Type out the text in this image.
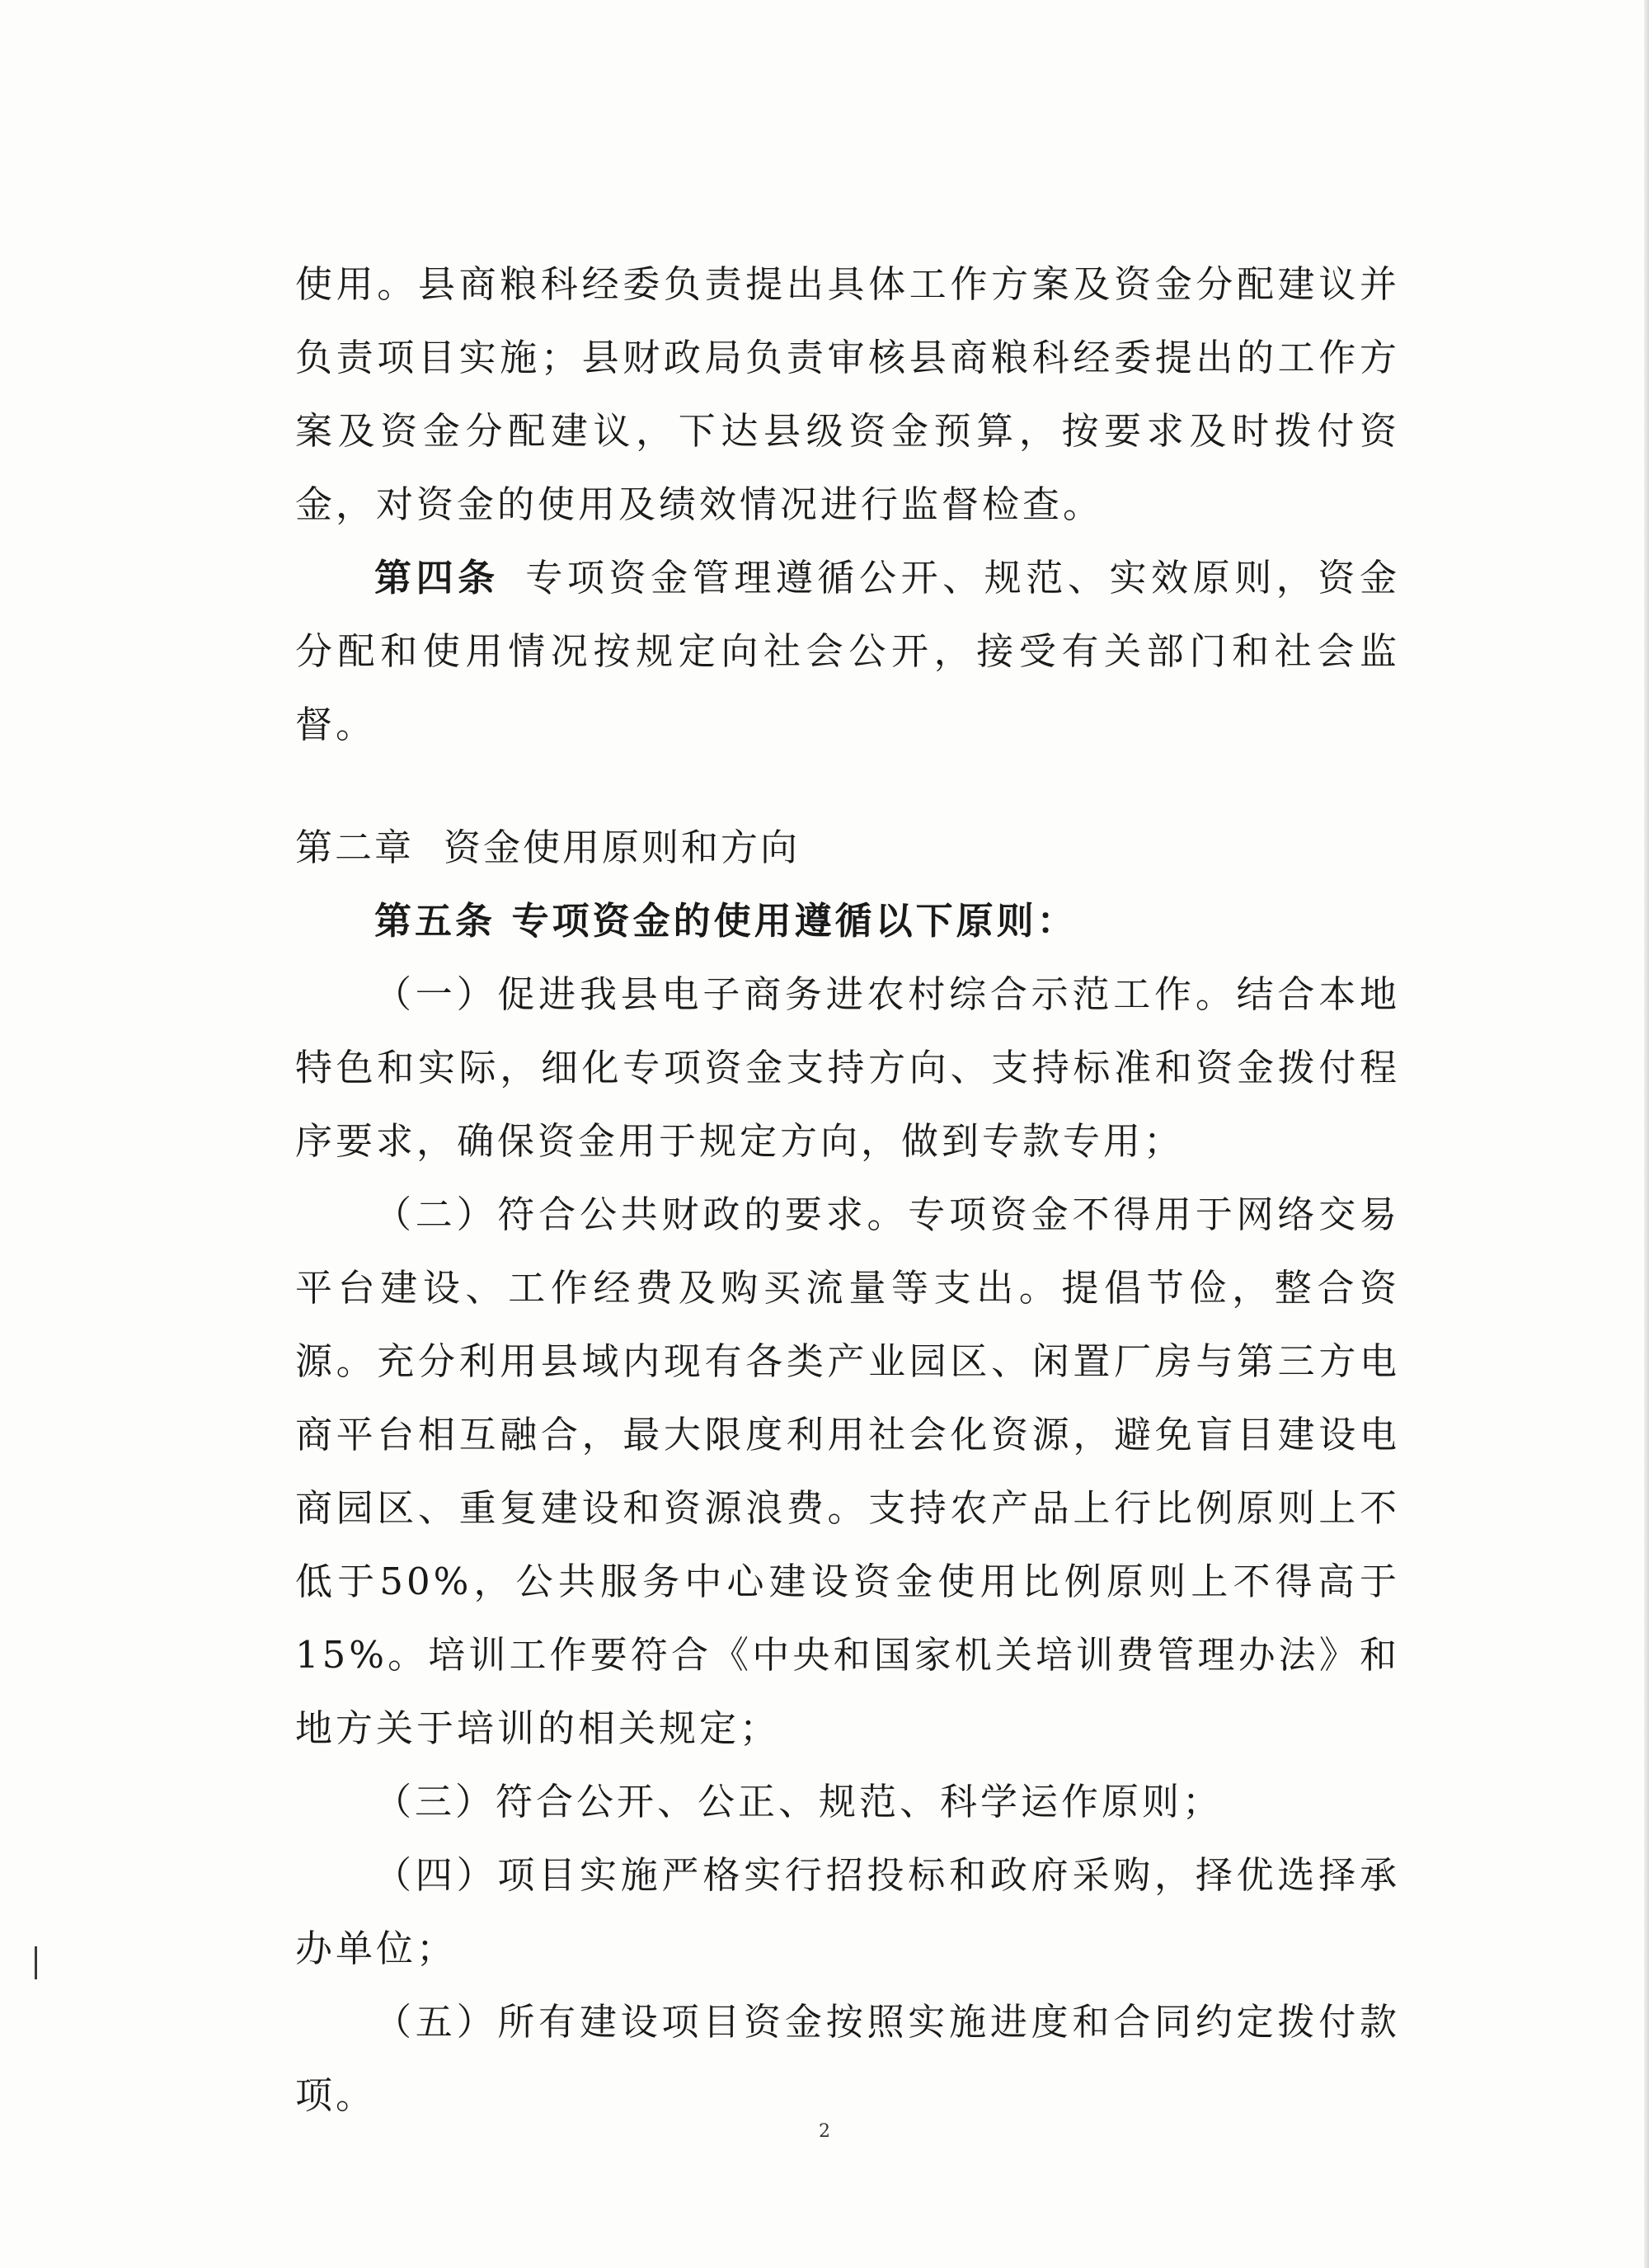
使用。县商粮科经委负责提出具体工作方案及资金分配建议并负责项目实施；县财政局负责审核县商粮科经委提出的工作方案及资金分配建议，下达县级资金预算，按要求及时拨付资金，对资金的使用及绩效情况进行监督检查。

第四条 专项资金管理遵循公开、规范、实效原则，资金分配和使用情况按规定向社会公开，接受有关部门和社会监督。

第二章 资金使用原则和方向

第五条 专项资金的使用遵循以下原则：

（一）促进我县电子商务进农村综合示范工作。结合本地特色和实际，细化专项资金支持方向、支持标准和资金拨付程序要求，确保资金用于规定方向，做到专款专用；

（二）符合公共财政的要求。专项资金不得用于网络交易平台建设、工作经费及购买流量等支出。提倡节俭，整合资源。充分利用县域内现有各类产业园区、闲置厂房与第三方电商平台相互融合，最大限度利用社会化资源，避免盲目建设电商园区、重复建设和资源浪费。支持农产品上行比例原则上不低于50%，公共服务中心建设资金使用比例原则上不得高于15%。培训工作要符合《中央和国家机关培训费管理办法》和地方关于培训的相关规定；

（三）符合公开、公正、规范、科学运作原则；

（四）项目实施严格实行招投标和政府采购，择优选择承办单位；

（五）所有建设项目资金按照实施进度和合同约定拨付款项。

2
